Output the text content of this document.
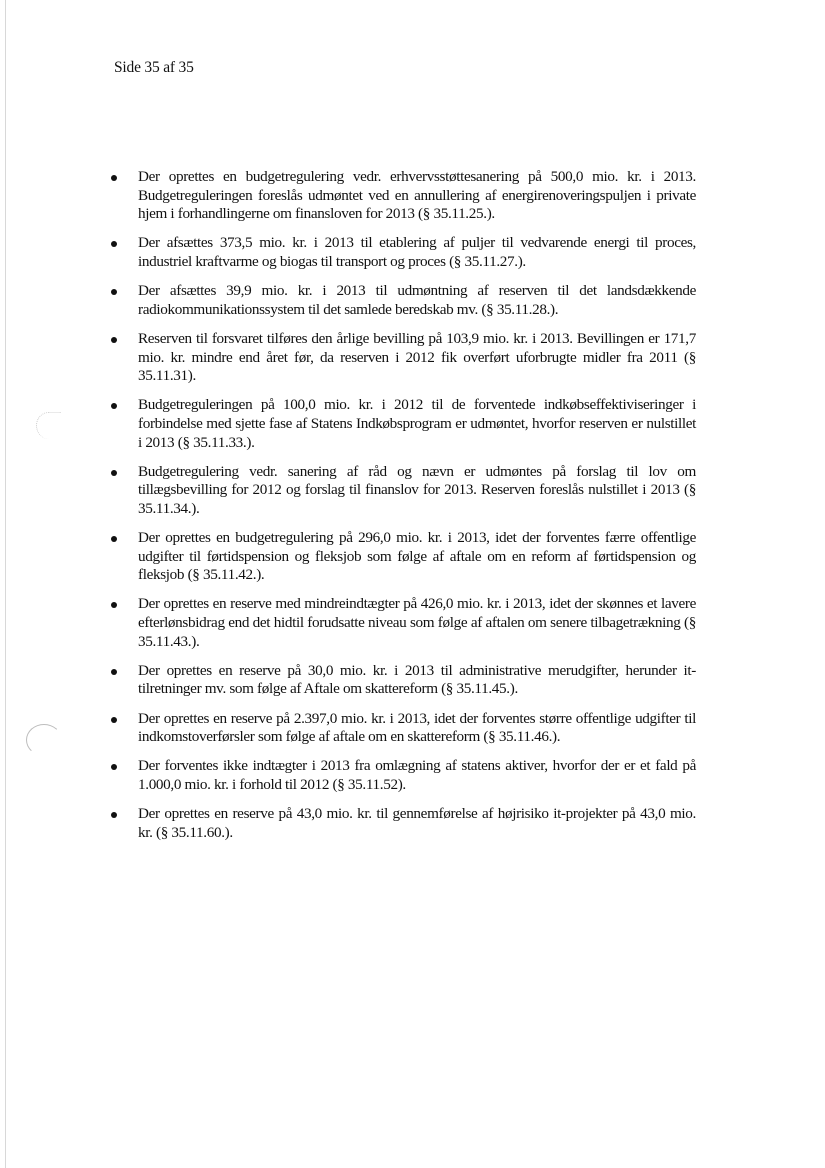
Side 35 af 35
Der oprettes en budgetregulering vedr. erhvervsstøttesanering på 500,0 mio. kr. i 2013. Budgetreguleringen foreslås udmøntet ved en annullering af energirenoveringspuljen i private hjem i forhandlingerne om finansloven for 2013 (§ 35.11.25.).
Der afsættes 373,5 mio. kr. i 2013 til etablering af puljer til vedvarende energi til proces, industriel kraftvarme og biogas til transport og proces (§ 35.11.27.).
Der afsættes 39,9 mio. kr. i 2013 til udmøntning af reserven til det landsdækkende radiokommunikationssystem til det samlede beredskab mv. (§ 35.11.28.).
Reserven til forsvaret tilføres den årlige bevilling på 103,9 mio. kr. i 2013. Bevillingen er 171,7 mio. kr. mindre end året før, da reserven i 2012 fik overført uforbrugte midler fra 2011 (§ 35.11.31).
Budgetreguleringen på 100,0 mio. kr. i 2012 til de forventede indkøbseffektiviseringer i forbindelse med sjette fase af Statens Indkøbsprogram er udmøntet, hvorfor reserven er nulstillet i 2013 (§ 35.11.33.).
Budgetregulering vedr. sanering af råd og nævn er udmøntes på forslag til lov om tillægsbevilling for 2012 og forslag til finanslov for 2013. Reserven foreslås nulstillet i 2013 (§ 35.11.34.).
Der oprettes en budgetregulering på 296,0 mio. kr. i 2013, idet der forventes færre offentlige udgifter til førtidspension og fleksjob som følge af aftale om en reform af førtidspension og fleksjob (§ 35.11.42.).
Der oprettes en reserve med mindreindtægter på 426,0 mio. kr. i 2013, idet der skønnes et lavere efterlønsbidrag end det hidtil forudsatte niveau som følge af aftalen om senere tilbagetrækning (§ 35.11.43.).
Der oprettes en reserve på 30,0 mio. kr. i 2013 til administrative merudgifter, herunder it-tilretninger mv. som følge af Aftale om skattereform (§ 35.11.45.).
Der oprettes en reserve på 2.397,0 mio. kr. i 2013, idet der forventes større offentlige udgifter til indkomstoverførsler som følge af aftale om en skattereform (§ 35.11.46.).
Der forventes ikke indtægter i 2013 fra omlægning af statens aktiver, hvorfor der er et fald på 1.000,0 mio. kr. i forhold til 2012 (§ 35.11.52).
Der oprettes en reserve på 43,0 mio. kr. til gennemførelse af højrisiko it-projekter på 43,0 mio. kr. (§ 35.11.60.).
